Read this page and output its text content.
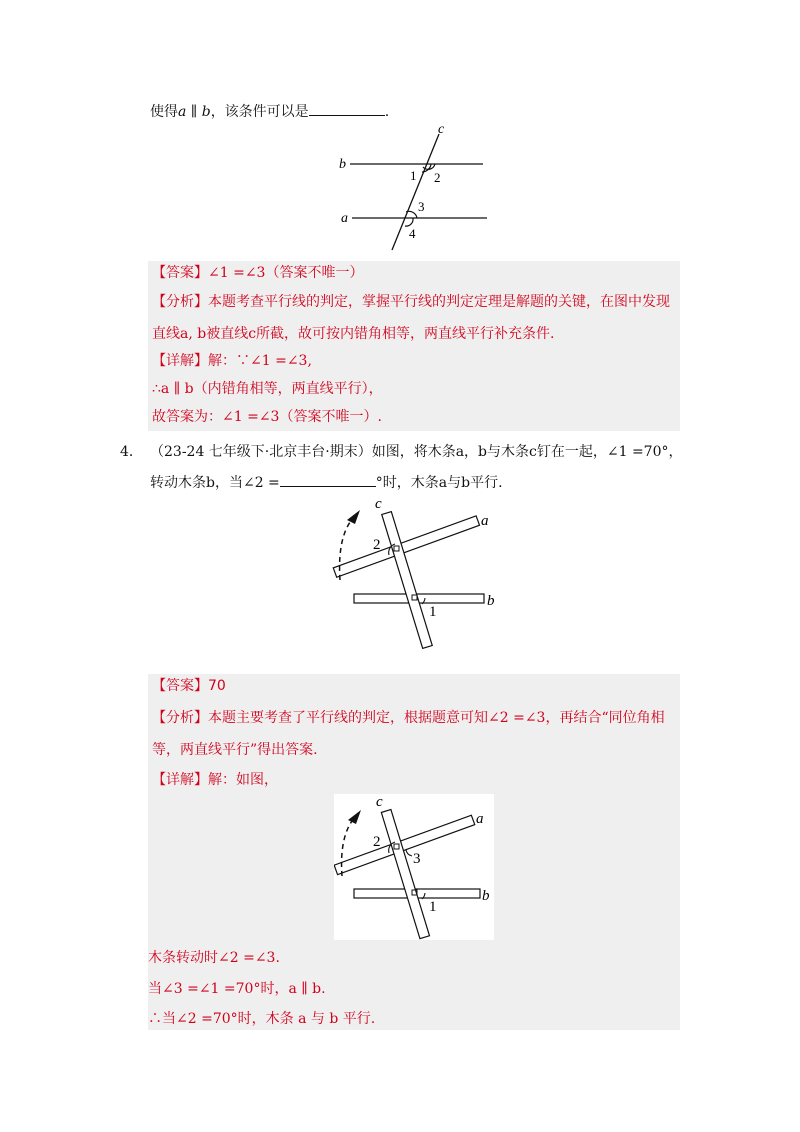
使得a ∥ b，该条件可以是	.
c
b
a
1 2
3
4
【答案】∠1 =∠3（答案不唯一）
【分析】本题考查平行线的判定，掌握平行线的判定定理是解题的关键，在图中发现
直线a, b被直线c所截，故可按内错角相等，两直线平行补充条件.
【详解】解：∵∠1 =∠3,
∴a ∥ b（内错角相等，两直线平行），
故答案为：∠1 =∠3（答案不唯一）.
4． （23-24 七年级下·北京丰台·期末）如图，将木条a，b与木条c钉在一起，∠1 =70°，
转动木条b，当∠2 =	°时，木条a与b平行.
c
a
b
2
1
【答案】70
【分析】本题主要考查了平行线的判定，根据题意可知∠2 =∠3，再结合“同位角相
等，两直线平行”得出答案.
【详解】解：如图，
c
a
b
2
3
1
木条转动时∠2 =∠3.
当∠3 =∠1 =70°时，a ∥ b.
∴当∠2 =70°时，木条 a 与 b 平行.
